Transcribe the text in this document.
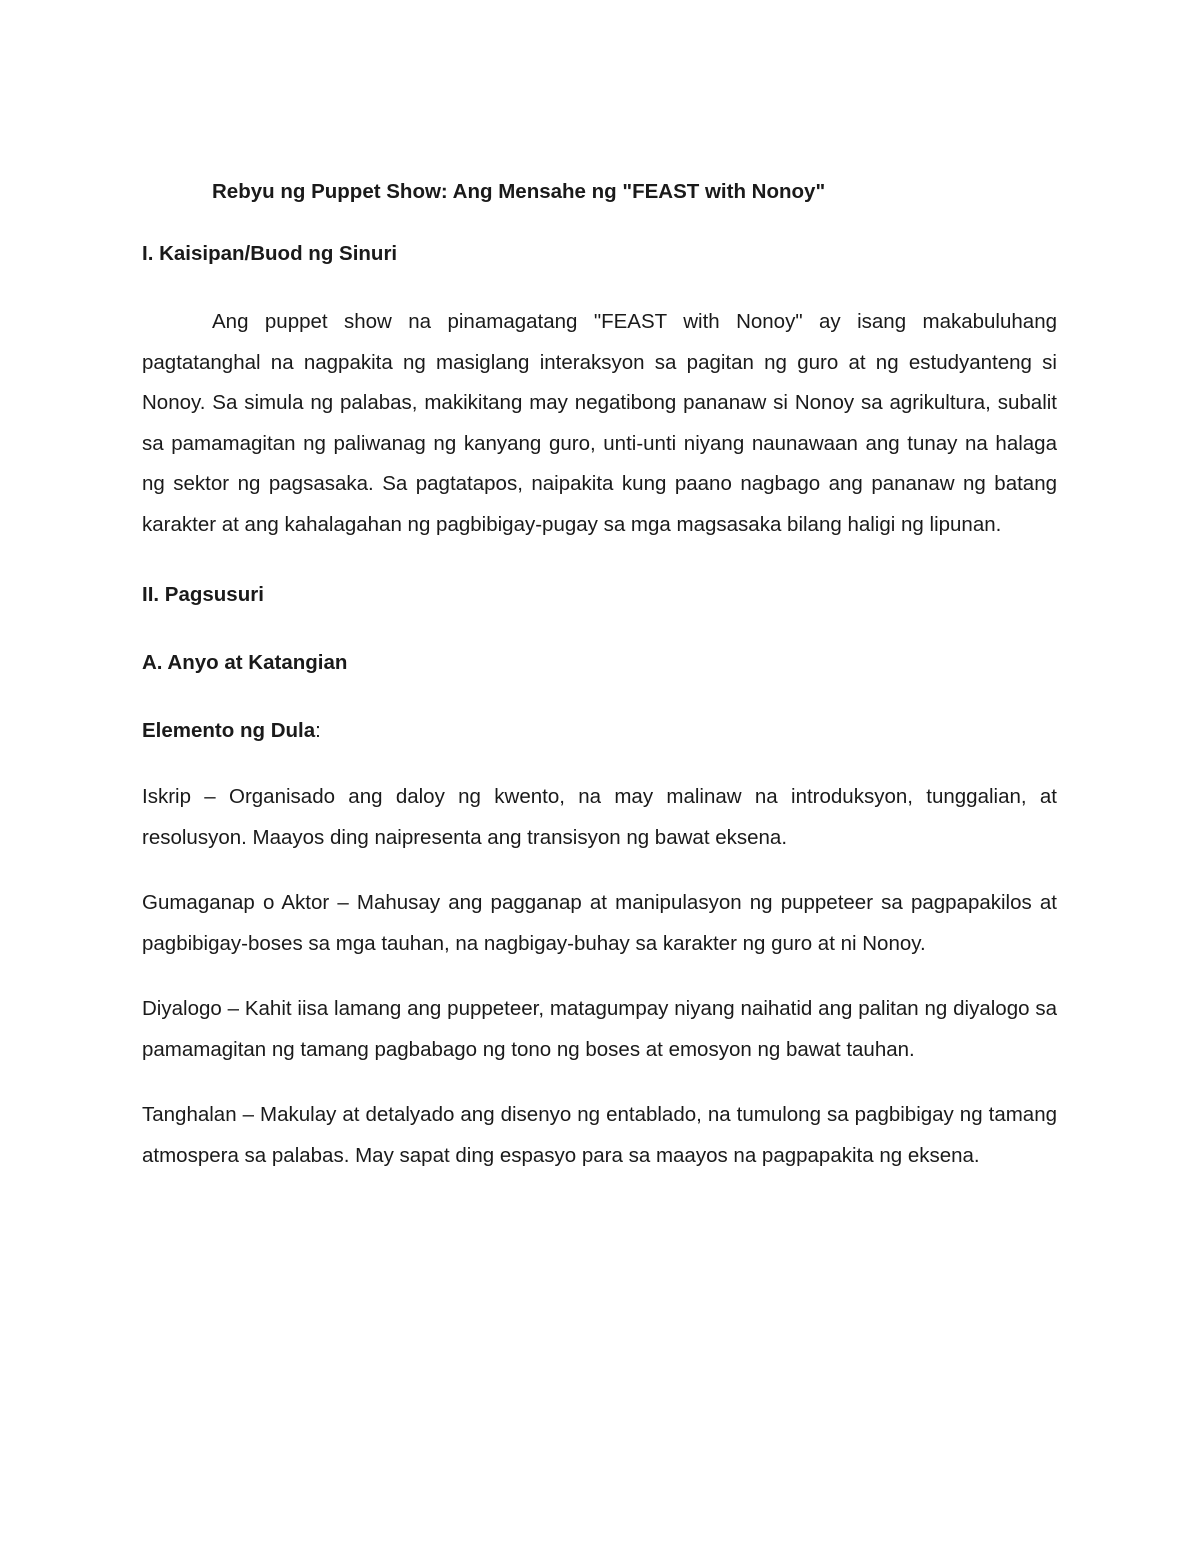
Rebyu ng Puppet Show: Ang Mensahe ng "FEAST with Nonoy"

I. Kaisipan/Buod ng Sinuri

Ang puppet show na pinamagatang "FEAST with Nonoy" ay isang makabuluhang pagtatanghal na nagpakita ng masiglang interaksyon sa pagitan ng guro at ng estudyanteng si Nonoy. Sa simula ng palabas, makikitang may negatibong pananaw si Nonoy sa agrikultura, subalit sa pamamagitan ng paliwanag ng kanyang guro, unti-unti niyang naunawaan ang tunay na halaga ng sektor ng pagsasaka. Sa pagtatapos, naipakita kung paano nagbago ang pananaw ng batang karakter at ang kahalagahan ng pagbibigay-pugay sa mga magsasaka bilang haligi ng lipunan.

II. Pagsusuri

A. Anyo at Katangian

Elemento ng Dula:

Iskrip – Organisado ang daloy ng kwento, na may malinaw na introduksyon, tunggalian, at resolusyon. Maayos ding naipresenta ang transisyon ng bawat eksena.

Gumaganap o Aktor – Mahusay ang pagganap at manipulasyon ng puppeteer sa pagpapakilos at pagbibigay-boses sa mga tauhan, na nagbigay-buhay sa karakter ng guro at ni Nonoy.

Diyalogo – Kahit iisa lamang ang puppeteer, matagumpay niyang naihatid ang palitan ng diyalogo sa pamamagitan ng tamang pagbabago ng tono ng boses at emosyon ng bawat tauhan.

Tanghalan – Makulay at detalyado ang disenyo ng entablado, na tumulong sa pagbibigay ng tamang atmospera sa palabas. May sapat ding espasyo para sa maayos na pagpapakita ng eksena.
